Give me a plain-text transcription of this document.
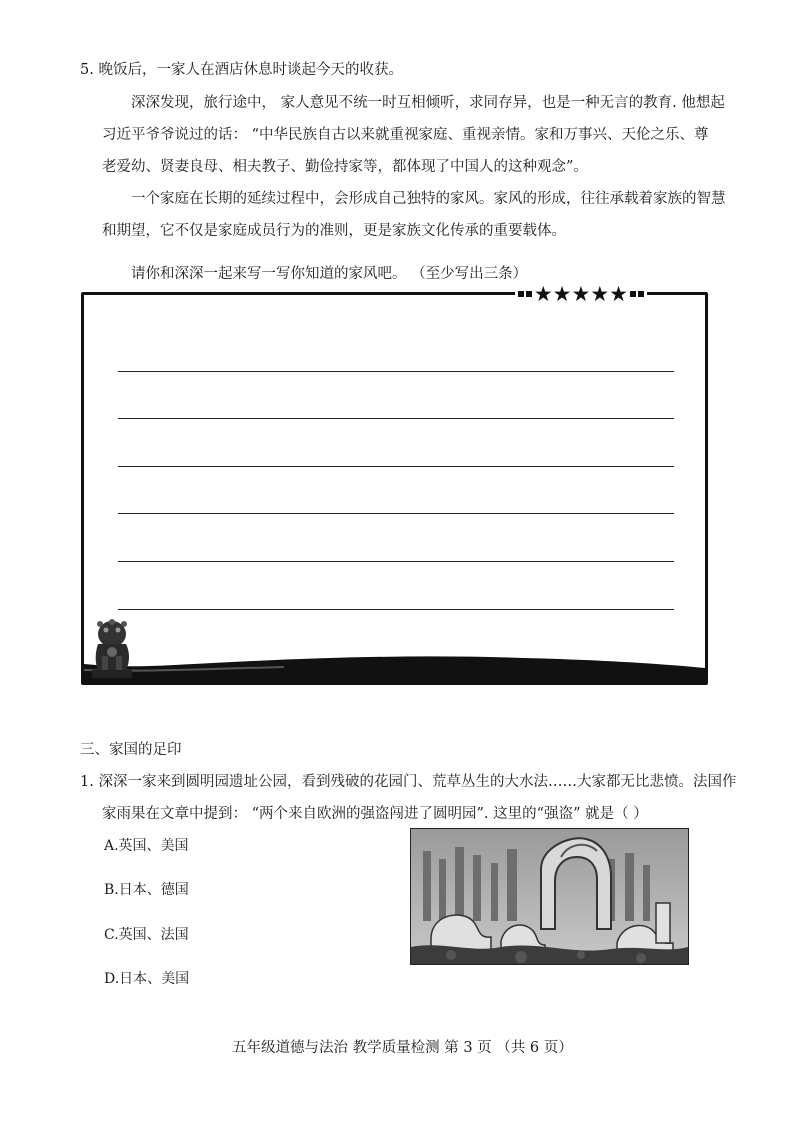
5. 晚饭后，一家人在酒店休息时谈起今天的收获。
深深发现，旅行途中， 家人意见不统一时互相倾听，求同存异，也是一种无言的教育. 他想起
习近平爷爷说过的话： “中华民族自古以来就重视家庭、重视亲情。家和万事兴、天伦之乐、尊
老爱幼、贤妻良母、相夫教子、勤俭持家等，都体现了中国人的这种观念”。
一个家庭在长期的延续过程中，会形成自己独特的家风。家风的形成，往往承载着家族的智慧
和期望，它不仅是家庭成员行为的准则，更是家族文化传承的重要载体。
请你和深深一起来写一写你知道的家风吧。 （至少写出三条）
★★★★★
三、家国的足印
1. 深深一家来到圆明园遗址公园，看到残破的花园门、荒草丛生的大水法……大家都无比悲愤。法国作
家雨果在文章中提到： “两个来自欧洲的强盗闯进了圆明园”. 这里的“强盗” 就是（ ）
A.英国、美国
B.日本、德国
C.英国、法国
D.日本、美国
五年级道德与法治 教学质量检测 第 3 页 （共 6 页）
